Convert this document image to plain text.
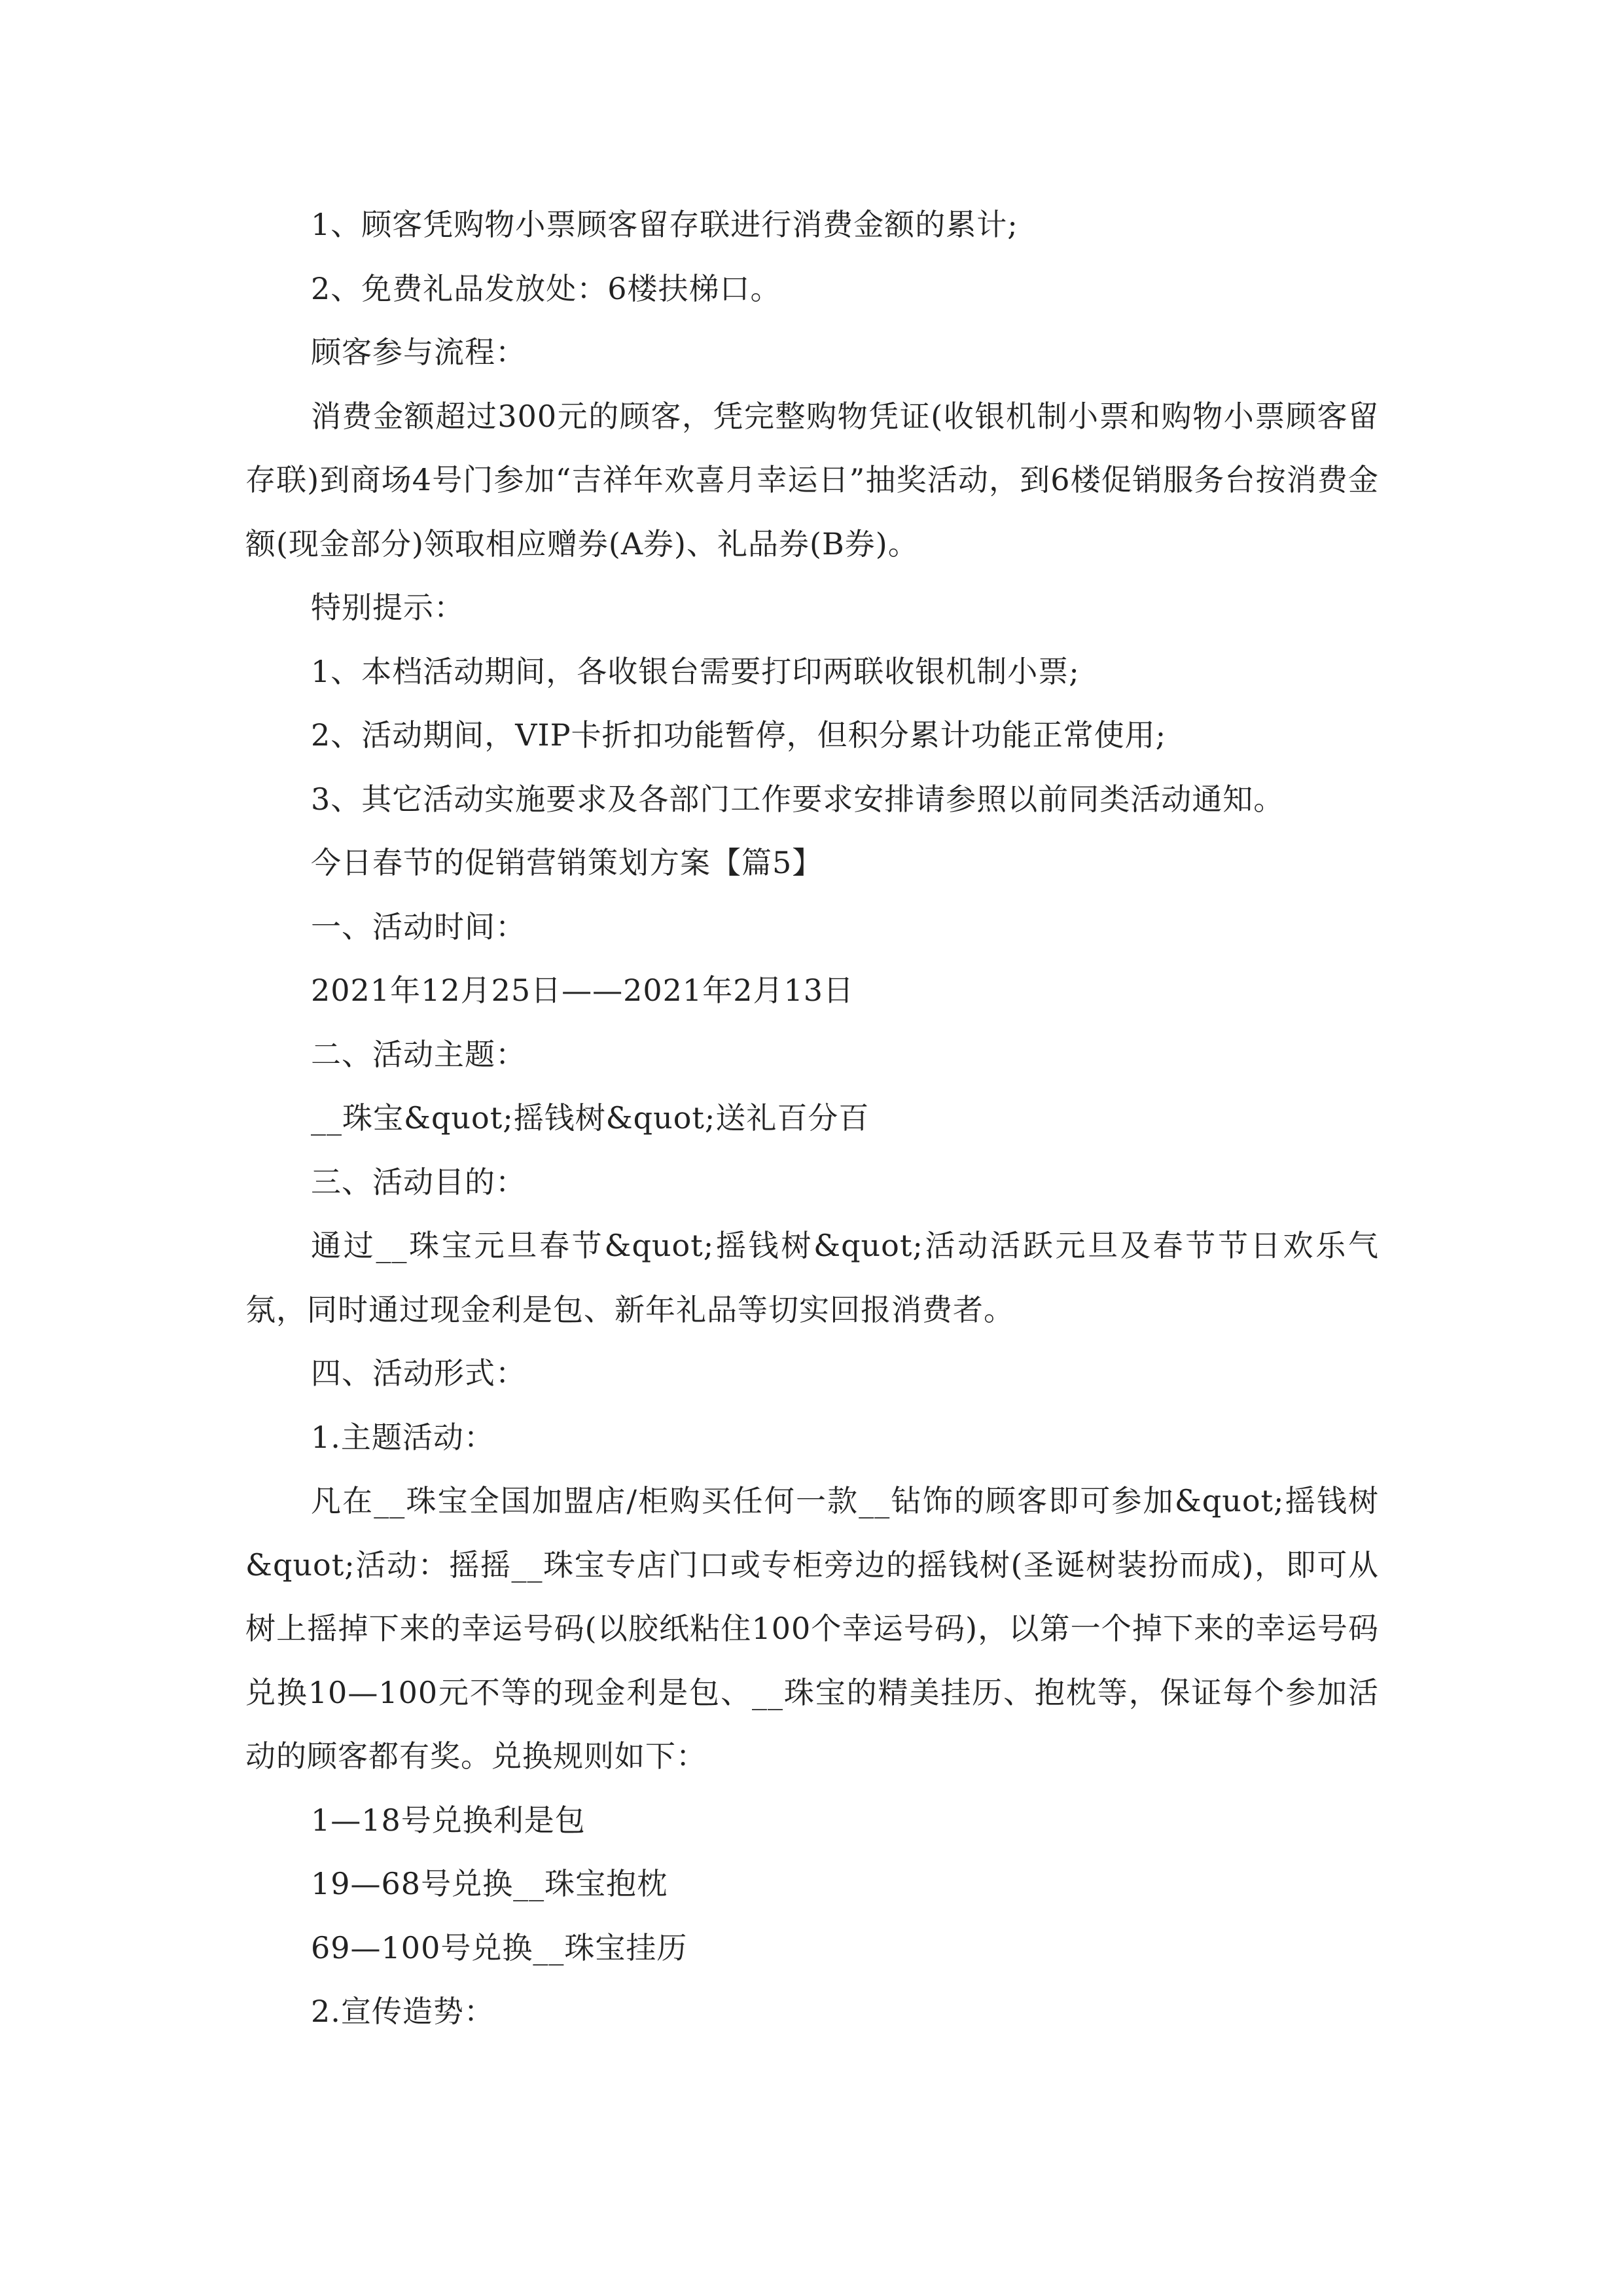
1、顾客凭购物小票顾客留存联进行消费金额的累计;

2、免费礼品发放处：6楼扶梯口。

顾客参与流程：

消费金额超过300元的顾客，凭完整购物凭证(收银机制小票和购物小票顾客留存联)到商场4号门参加“吉祥年欢喜月幸运日”抽奖活动，到6楼促销服务台按消费金额(现金部分)领取相应赠券(A券)、礼品券(B券)。

特别提示：

1、本档活动期间，各收银台需要打印两联收银机制小票;

2、活动期间，VIP卡折扣功能暂停，但积分累计功能正常使用;

3、其它活动实施要求及各部门工作要求安排请参照以前同类活动通知。

今日春节的促销营销策划方案【篇5】

一、活动时间：

2021年12月25日——2021年2月13日

二、活动主题：

__珠宝&quot;摇钱树&quot;送礼百分百

三、活动目的：

通过__珠宝元旦春节&quot;摇钱树&quot;活动活跃元旦及春节节日欢乐气氛，同时通过现金利是包、新年礼品等切实回报消费者。

四、活动形式：

1.主题活动：

凡在__珠宝全国加盟店/柜购买任何一款__钻饰的顾客即可参加&quot;摇钱树&quot;活动：摇摇__珠宝专店门口或专柜旁边的摇钱树(圣诞树装扮而成)，即可从树上摇掉下来的幸运号码(以胶纸粘住100个幸运号码)，以第一个掉下来的幸运号码兑换10—100元不等的现金利是包、__珠宝的精美挂历、抱枕等，保证每个参加活动的顾客都有奖。兑换规则如下：

1—18号兑换利是包

19—68号兑换__珠宝抱枕

69—100号兑换__珠宝挂历

2.宣传造势：
